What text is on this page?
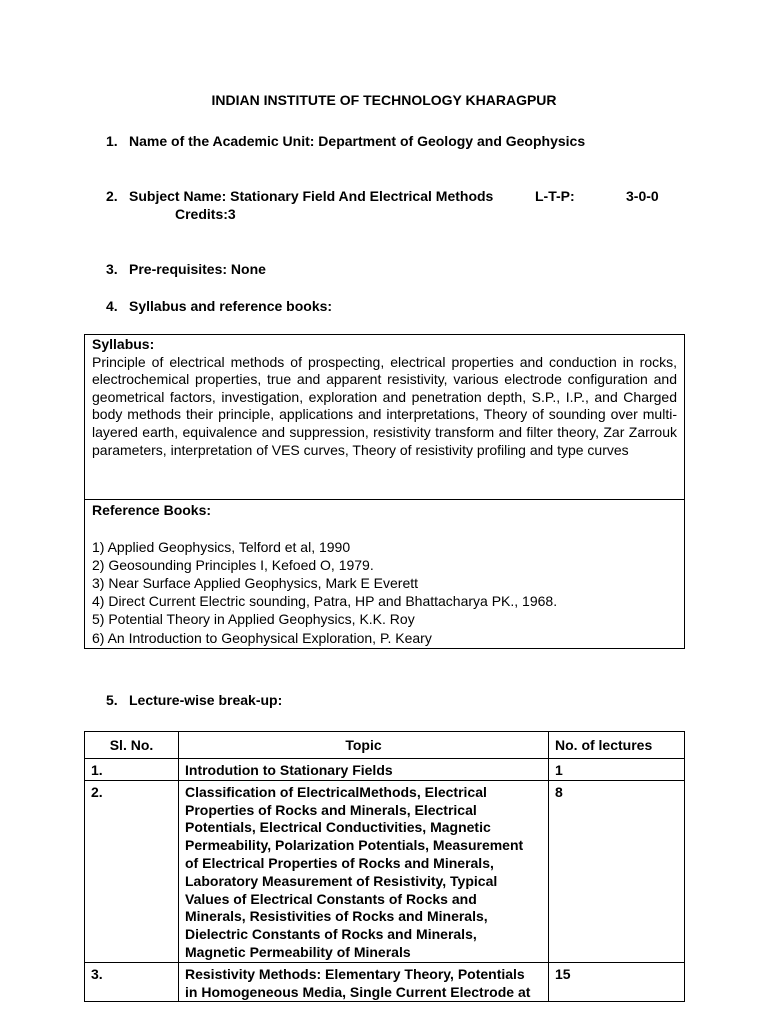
INDIAN INSTITUTE OF TECHNOLOGY KHARAGPUR
1. Name of the Academic Unit: Department of Geology and Geophysics
2. Subject Name: Stationary Field And Electrical Methods	L-T-P:	3-0-0
Credits:3
3. Pre-requisites: None
4. Syllabus and reference books:
Syllabus:
Principle of electrical methods of prospecting, electrical properties and conduction in rocks, electrochemical properties, true and apparent resistivity, various electrode configuration and geometrical factors, investigation, exploration and penetration depth, S.P., I.P., and Charged body methods their principle, applications and interpretations, Theory of sounding over multi-layered earth, equivalence and suppression, resistivity transform and filter theory, Zar Zarrouk parameters, interpretation of VES curves, Theory of resistivity profiling and type curves

Reference Books:
1) Applied Geophysics, Telford et al, 1990
2) Geosounding Principles I, Kefoed O, 1979.
3) Near Surface Applied Geophysics, Mark E Everett
4) Direct Current Electric sounding, Patra, HP and Bhattacharya PK., 1968.
5) Potential Theory in Applied Geophysics, K.K. Roy
6) An Introduction to Geophysical Exploration, P. Keary
5. Lecture-wise break-up:
Sl. No.	Topic	No. of lectures
1.	Introdution to Stationary Fields	1
2.	Classification of ElectricalMethods, Electrical Properties of Rocks and Minerals, Electrical Potentials, Electrical Conductivities, Magnetic Permeability, Polarization Potentials, Measurement of Electrical Properties of Rocks and Minerals, Laboratory Measurement of Resistivity, Typical Values of Electrical Constants of Rocks and Minerals, Resistivities of Rocks and Minerals, Dielectric Constants of Rocks and Minerals, Magnetic Permeability of Minerals	8
3.	Resistivity Methods: Elementary Theory, Potentials in Homogeneous Media, Single Current Electrode at	15
